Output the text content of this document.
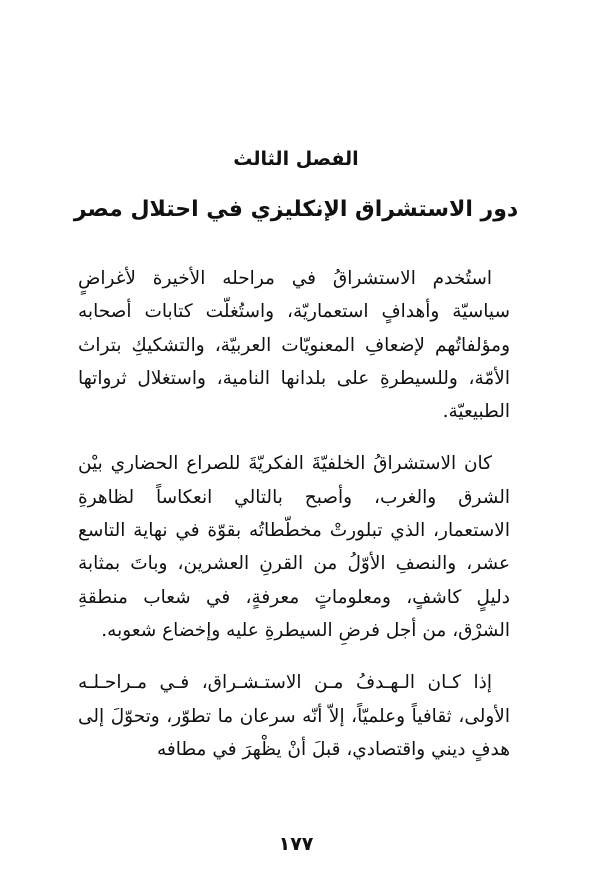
الفصل الثالث
دور الاستشراق الإنكليزي في احتلال مصر

استُخدم الاستشراقُ في مراحله الأخيرة لأغراضٍ سياسيّة وأهدافٍ استعماريّة، واستُغلّت كتابات أصحابه ومؤلفاتُهم لإضعافِ المعنويّات العربيّة، والتشكيكِ بتراث الأمّة، وللسيطرةِ على بلدانها النامية، واستغلال ثرواتها الطبيعيّة.

كان الاستشراقُ الخلفيّةَ الفكريّةَ للصراع الحضاري بيْن الشرق والغرب، وأصبح بالتالي انعكاساً لظاهرةِ الاستعمار، الذي تبلورتْ مخطّطاتُه بقوّة في نهاية التاسع عشر، والنصفِ الأوّلُ من القرنِ العشرين، وباتَ بمثابة دليلٍ كاشفٍ، ومعلوماتٍ معرفةٍ، في شعاب منطقةِ الشرْق، من أجل فرضِ السيطرةِ عليه وإخضاع شعوبه.

إذا كـان الـهـدفُ مـن الاستـشـراق، فـي مـراحـلـه الأولى، ثقافياً وعلميّاً، إلاّ أنّه سرعان ما تطوّر، وتحوّلَ إلى هدفٍ ديني واقتصادي، قبلَ أنْ يظْهرَ في مطافه

١٧٧
